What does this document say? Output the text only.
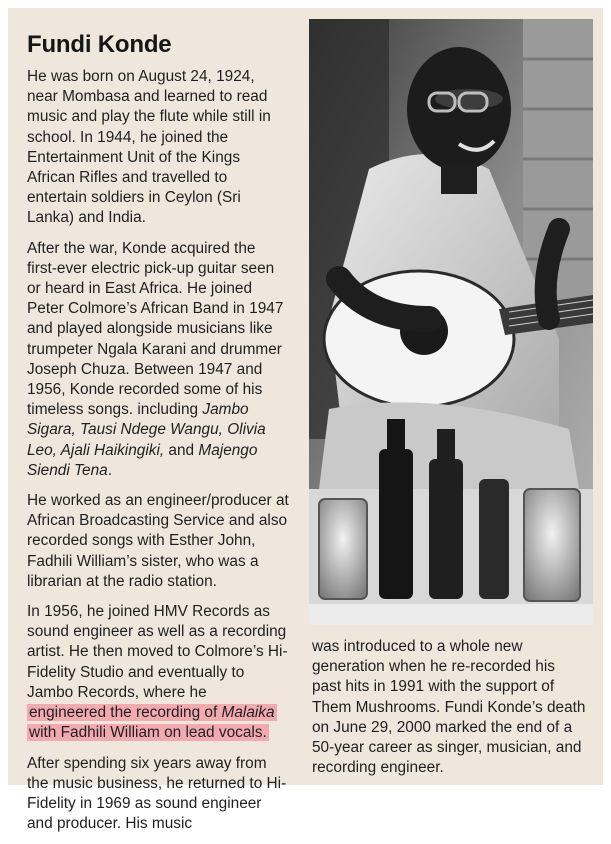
Fundi Konde

He was born on August 24, 1924, near Mombasa and learned to read music and play the flute while still in school. In 1944, he joined the Entertainment Unit of the Kings African Rifles and travelled to entertain soldiers in Ceylon (Sri Lanka) and India.

After the war, Konde acquired the first-ever electric pick-up guitar seen or heard in East Africa. He joined Peter Colmore’s African Band in 1947 and played alongside musicians like trumpeter Ngala Karani and drummer Joseph Chuza. Between 1947 and 1956, Konde recorded some of his timeless songs. including Jambo Sigara, Tausi Ndege Wangu, Olivia Leo, Ajali Haikingiki, and Majengo Siendi Tena.

He worked as an engineer/producer at African Broadcasting Service and also recorded songs with Esther John, Fadhili William’s sister, who was a librarian at the radio station.

In 1956, he joined HMV Records as sound engineer as well as a recording artist. He then moved to Colmore’s Hi-Fidelity Studio and eventually to Jambo Records, where he engineered the recording of Malaika with Fadhili William on lead vocals.

After spending six years away from the music business, he returned to Hi-Fidelity in 1969 as sound engineer and producer. His music

was introduced to a whole new generation when he re-recorded his past hits in 1991 with the support of Them Mushrooms. Fundi Konde’s death on June 29, 2000 marked the end of a 50-year career as singer, musician, and recording engineer.
